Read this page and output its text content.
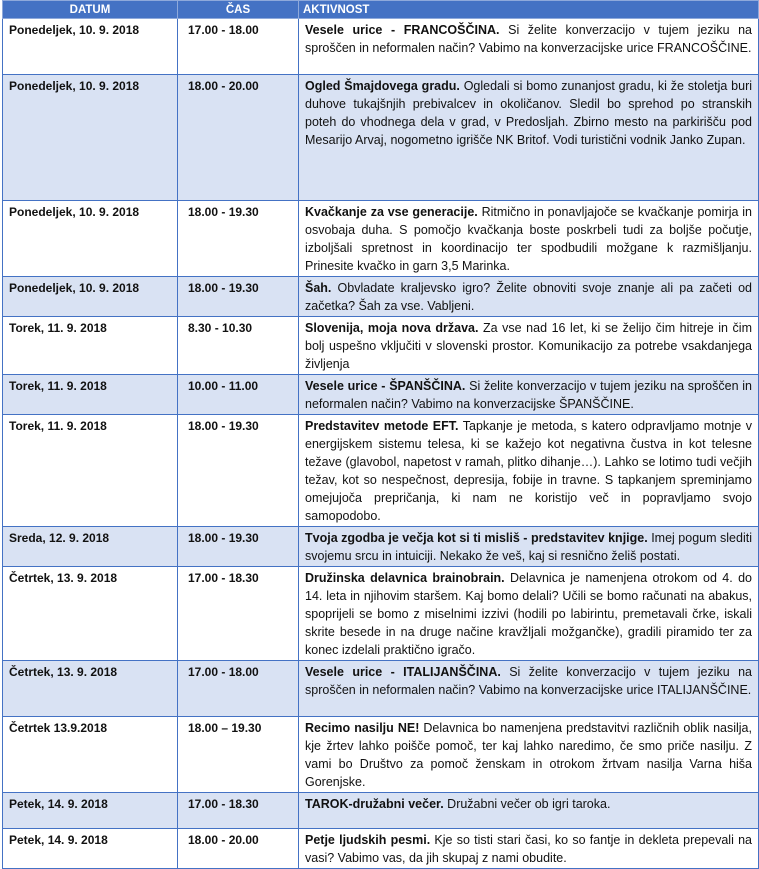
DATUM	ČAS	AKTIVNOST
Ponedeljek, 10. 9. 2018	17.00 - 18.00	Vesele urice - FRANCOŠČINA. Si želite konverzacijo v tujem jeziku na sproščen in neformalen način? Vabimo na konverzacijske urice FRANCOŠČINE.
Ponedeljek, 10. 9. 2018	18.00 - 20.00	Ogled Šmajdovega gradu. Ogledali si bomo zunanjost gradu, ki že stoletja buri duhove tukajšnjih prebivalcev in okoličanov. Sledil bo sprehod po stranskih poteh do vhodnega dela v grad, v Predosljah. Zbirno mesto na parkirišču pod Mesarijo Arvaj, nogometno igrišče NK Britof. Vodi turistični vodnik Janko Zupan.
Ponedeljek, 10. 9. 2018	18.00 - 19.30	Kvačkanje za vse generacije. Ritmično in ponavljajoče se kvačkanje pomirja in osvobaja duha. S pomočjo kvačkanja boste poskrbeli tudi za boljše počutje, izboljšali spretnost in koordinacijo ter spodbudili možgane k razmišljanju. Prinesite kvačko in garn 3,5 Marinka.
Ponedeljek, 10. 9. 2018	18.00 - 19.30	Šah. Obvladate kraljevsko igro? Želite obnoviti svoje znanje ali pa začeti od začetka? Šah za vse. Vabljeni.
Torek, 11. 9. 2018	8.30 - 10.30	Slovenija, moja nova država. Za vse nad 16 let, ki se želijo čim hitreje in čim bolj uspešno vključiti v slovenski prostor. Komunikacijo za potrebe vsakdanjega življenja
Torek, 11. 9. 2018	10.00 - 11.00	Vesele urice - ŠPANŠČINA. Si želite konverzacijo v tujem jeziku na sproščen in neformalen način? Vabimo na konverzacijske ŠPANŠČINE.
Torek, 11. 9. 2018	18.00 - 19.30	Predstavitev metode EFT. Tapkanje je metoda, s katero odpravljamo motnje v energijskem sistemu telesa, ki se kažejo kot negativna čustva in kot telesne težave (glavobol, napetost v ramah, plitko dihanje…). Lahko se lotimo tudi večjih težav, kot so nespečnost, depresija, fobije in travne. S tapkanjem spreminjamo omejujoča prepričanja, ki nam ne koristijo več in popravljamo svojo samopodobo.
Sreda, 12. 9. 2018	18.00 - 19.30	Tvoja zgodba je večja kot si ti misliš - predstavitev knjige. Imej pogum slediti svojemu srcu in intuiciji. Nekako že veš, kaj si resnično želiš postati.
Četrtek, 13. 9. 2018	17.00 - 18.30	Družinska delavnica brainobrain. Delavnica je namenjena otrokom od 4. do 14. leta in njihovim staršem. Kaj bomo delali? Učili se bomo računati na abakus, spoprijeli se bomo z miselnimi izzivi (hodili po labirintu, premetavali črke, iskali skrite besede in na druge načine kravžljali možgančke), gradili piramido ter za konec izdelali praktično igračo.
Četrtek, 13. 9. 2018	17.00 - 18.00	Vesele urice - ITALIJANŠČINA. Si želite konverzacijo v tujem jeziku na sproščen in neformalen način? Vabimo na konverzacijske urice ITALIJANŠČINE.
Četrtek 13.9.2018	18.00 – 19.30	Recimo nasilju NE! Delavnica bo namenjena predstavitvi različnih oblik nasilja, kje žrtev lahko poišče pomoč, ter kaj lahko naredimo, če smo priče nasilju. Z vami bo Društvo za pomoč ženskam in otrokom žrtvam nasilja Varna hiša Gorenjske.
Petek, 14. 9. 2018	17.00 - 18.30	TAROK-družabni večer. Družabni večer ob igri taroka.
Petek, 14. 9. 2018	18.00 - 20.00	Petje ljudskih pesmi. Kje so tisti stari časi, ko so fantje in dekleta prepevali na vasi? Vabimo vas, da jih skupaj z nami obudite.
